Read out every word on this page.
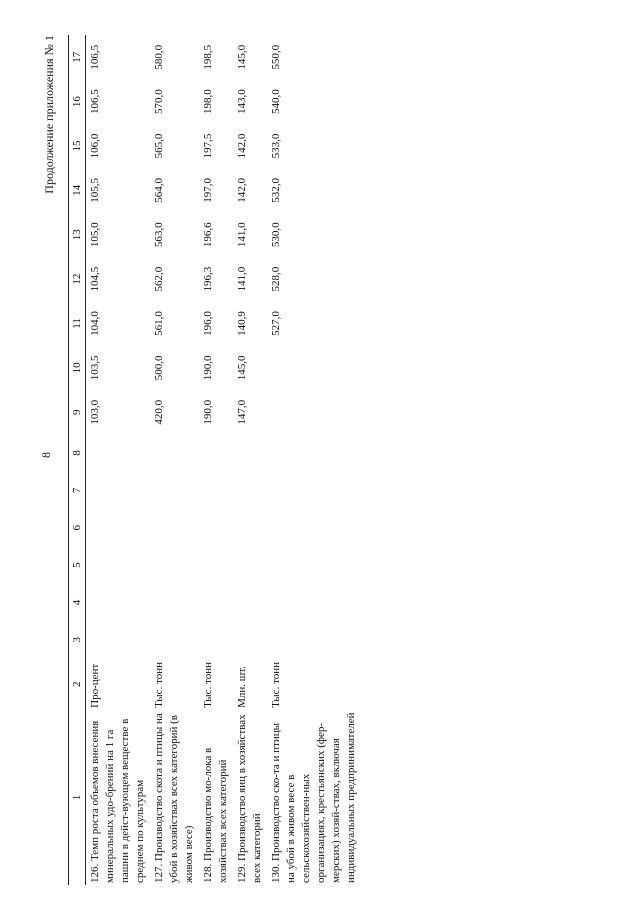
8
Продолжение приложения № 1
1	2	3	4	5	6	7	8	9	10	11	12	13	14	15	16	17
126. Темп роста объемов внесения минеральных удо-брений на 1 га пашни в дейст-вующем веществе в среднем по культурам	Про-цент							103,0	103,5	104,0	104,5	105,0	105,5	106,0	106,5	106,5
127. Производство скота и птицы на убой в хозяйствах всех категорий (в живом весе)	Тыс. тонн							420,0	500,0	561,0	562,0	563,0	564,0	565,0	570,0	580,0
128. Производство мо-лока в хозяйствах всех категорий	Тыс. тонн							190,0	190,0	196,0	196,3	196,6	197,0	197,5	198,0	198,5
129. Производство яиц в хозяйствах всех категорий	Млн. шт.							147,0	145,0	140,9	141,0	141,0	142,0	142,0	143,0	145,0
130. Производство ско-та и птицы на убой в живом весе в сельскохозяйствен-ных организациях, крестьянских (фер-мерских) хозяй-ствах, включая индивидуальных предпринимателей	Тыс. тонн									527,0	528,0	530,0	532,0	533,0	540,0	550,0
